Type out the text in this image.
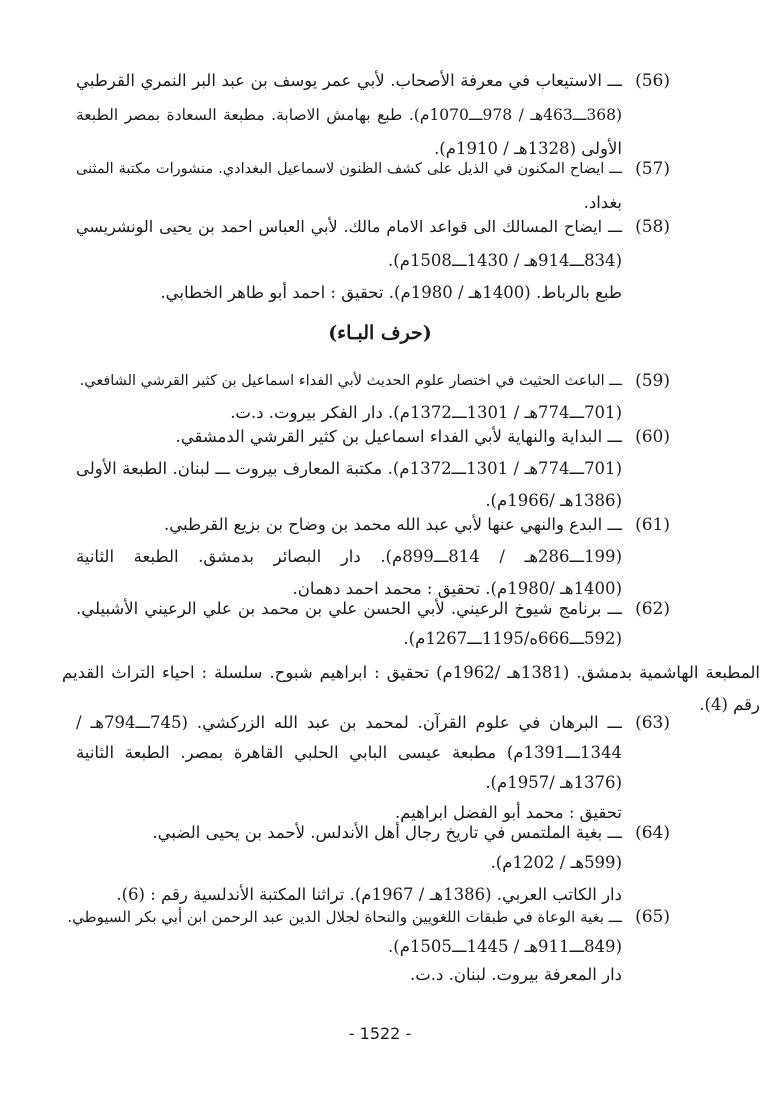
(56)
ـــ الاستيعاب في معرفة الأصحاب. لأبي عمر يوسف بن عبد البر النمري القرطبي
(368ـــ463هـ / 978ـــ1070م). طبع بهامش الاصابة. مطبعة السعادة بمصر الطبعة
الأولى (1328هـ / 1910م).
(57)
ـــ ايضاح المكنون في الذيل على كشف الظنون لاسماعيل البغدادي. منشورات مكتبة المثنى
بغداد.
(58)
ـــ ايضاح المسالك الى قواعد الامام مالك. لأبي العباس احمد بن يحيى الونشريسي
(834ـــ914هـ / 1430ـــ1508م).
طبع بالرباط. (1400هـ / 1980م). تحقيق : احمد أبو طاهر الخطابي.
(حرف البـاء)
(59)
ـــ الباعث الحثيث في اختصار علوم الحديث لأبي الفداء اسماعيل بن كثير القرشي الشافعي.
(701ـــ774هـ / 1301ـــ1372م). دار الفكر بيروت. د.ت.
(60)
ـــ البداية والنهاية لأبي الفداء اسماعيل بن كثير القرشي الدمشقي.
(701ـــ774هـ / 1301ـــ1372م). مكتبة المعارف بيروت ـــ لبنان. الطبعة الأولى
(1386هـ /1966م).
(61)
ـــ البدع والنهي عنها لأبي عبد الله محمد بن وضاح بن بزيع القرطبي.
(199ـــ286هـ / 814ـــ899م). دار البصائر بدمشق. الطبعة الثانية
(1400هـ /1980م). تحقيق : محمد احمد دهمان.
(62)
ـــ برنامج شيوخ الرعيني. لأبي الحسن علي بن محمد بن علي الرعيني الأشبيلي.
(592ـــ666ه/1195ـــ1267م).
المطبعة الهاشمية بدمشق. (1381هـ /1962م) تحقيق : ابراهيم شبوح. سلسلة : احياء التراث القديم
رقم (4).
(63)
ـــ البرهان في علوم القرآن. لمحمد بن عبد الله الزركشي. (745ـــ794هـ /
1344ـــ1391م) مطبعة عيسى البابي الحلبي القاهرة بمصر. الطبعة الثانية
(1376هـ /1957م).
تحقيق : محمد أبو الفضل ابراهيم.
(64)
ـــ بغية الملتمس في تاريخ رجال أهل الأندلس. لأحمد بن يحيى الضبي.
(599هـ / 1202م).
دار الكاتب العربي. (1386هـ / 1967م). تراثنا المكتبة الأندلسية رقم : (6).
(65)
ـــ بغية الوعاة في طبقات اللغويين والنحاة لجلال الدين عبد الرحمن ابن أبي بكر السيوطي.
(849ـــ911هـ / 1445ـــ1505م).
دار المعرفة بيروت. لبنان. د.ت.
- 1522 -
